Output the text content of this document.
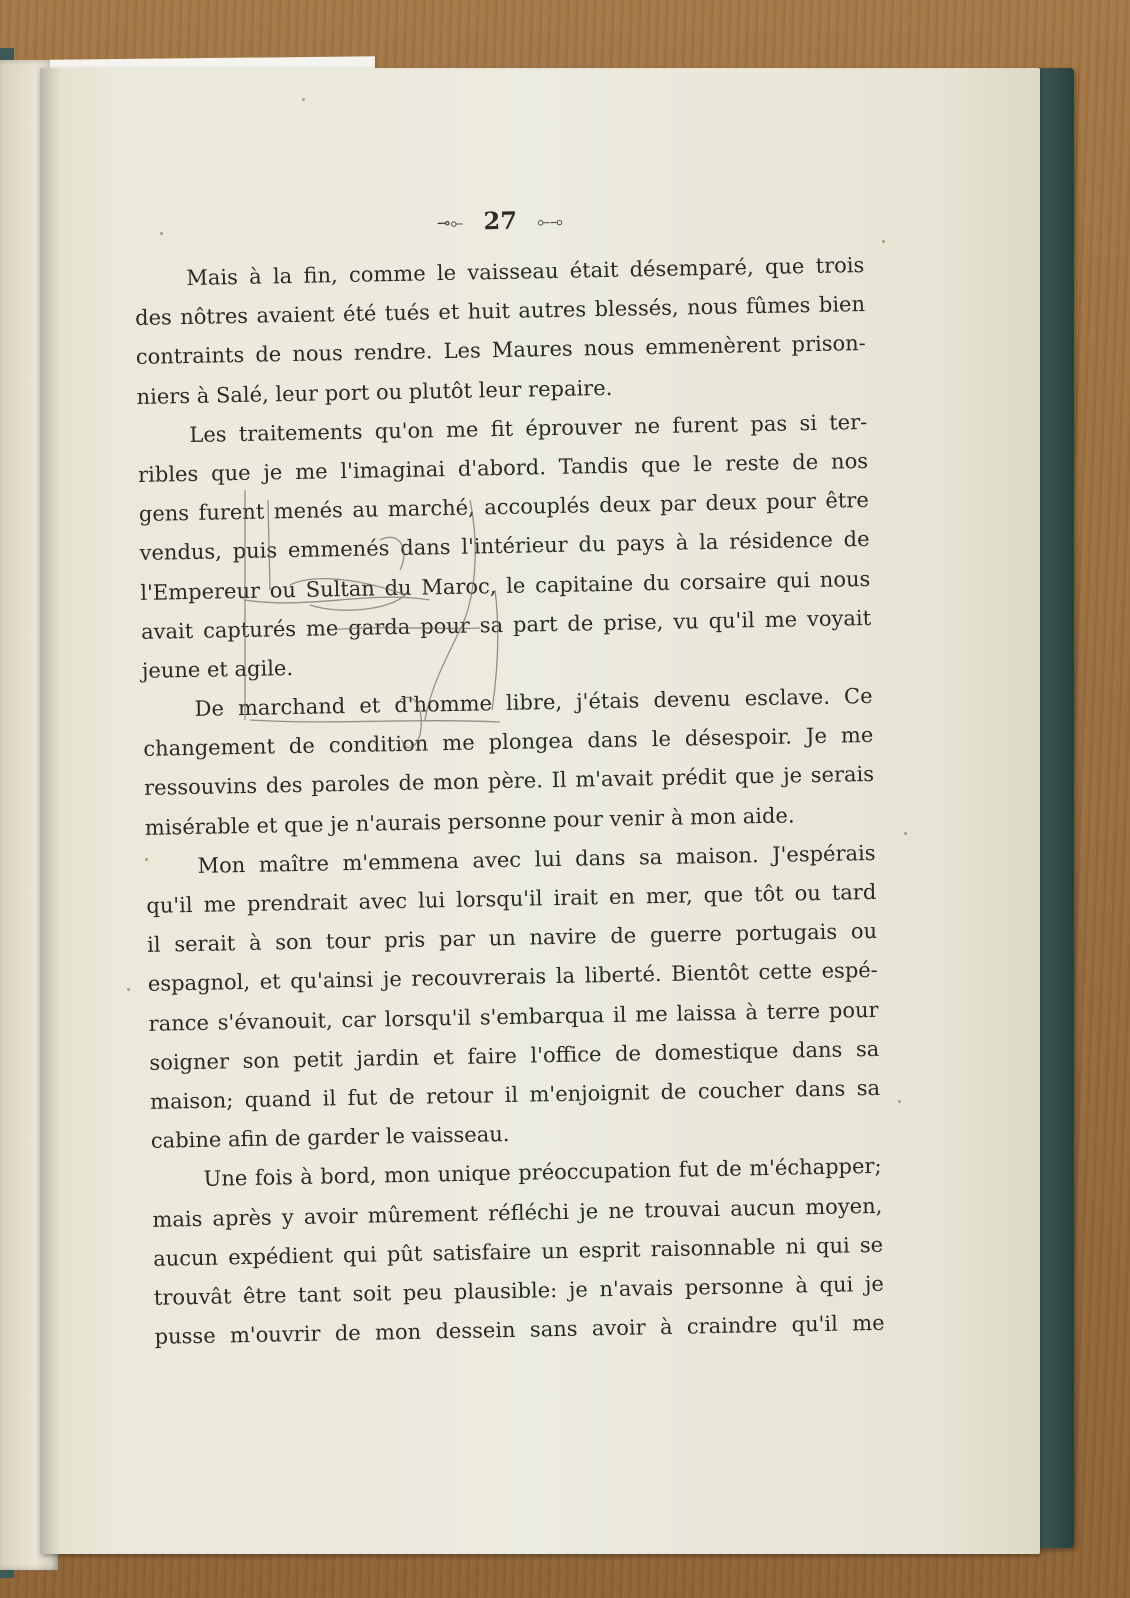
⊸⟜ 27 ⟜⊸
Mais à la fin, comme le vaisseau était désemparé, que trois
des nôtres avaient été tués et huit autres blessés, nous fûmes bien
contraints de nous rendre. Les Maures nous emmenèrent prison-
niers à Salé, leur port ou plutôt leur repaire.
Les traitements qu'on me fit éprouver ne furent pas si ter-
ribles que je me l'imaginai d'abord. Tandis que le reste de nos
gens furent menés au marché, accouplés deux par deux pour être
vendus, puis emmenés dans l'intérieur du pays à la résidence de
l'Empereur ou Sultan du Maroc, le capitaine du corsaire qui nous
avait capturés me garda pour sa part de prise, vu qu'il me voyait
jeune et agile.
De marchand et d'homme libre, j'étais devenu esclave. Ce
changement de condition me plongea dans le désespoir. Je me
ressouvins des paroles de mon père. Il m'avait prédit que je serais
misérable et que je n'aurais personne pour venir à mon aide.
Mon maître m'emmena avec lui dans sa maison. J'espérais
qu'il me prendrait avec lui lorsqu'il irait en mer, que tôt ou tard
il serait à son tour pris par un navire de guerre portugais ou
espagnol, et qu'ainsi je recouvrerais la liberté. Bientôt cette espé-
rance s'évanouit, car lorsqu'il s'embarqua il me laissa à terre pour
soigner son petit jardin et faire l'office de domestique dans sa
maison; quand il fut de retour il m'enjoignit de coucher dans sa
cabine afin de garder le vaisseau.
Une fois à bord, mon unique préoccupation fut de m'échapper;
mais après y avoir mûrement réfléchi je ne trouvai aucun moyen,
aucun expédient qui pût satisfaire un esprit raisonnable ni qui se
trouvât être tant soit peu plausible: je n'avais personne à qui je
pusse m'ouvrir de mon dessein sans avoir à craindre qu'il me
